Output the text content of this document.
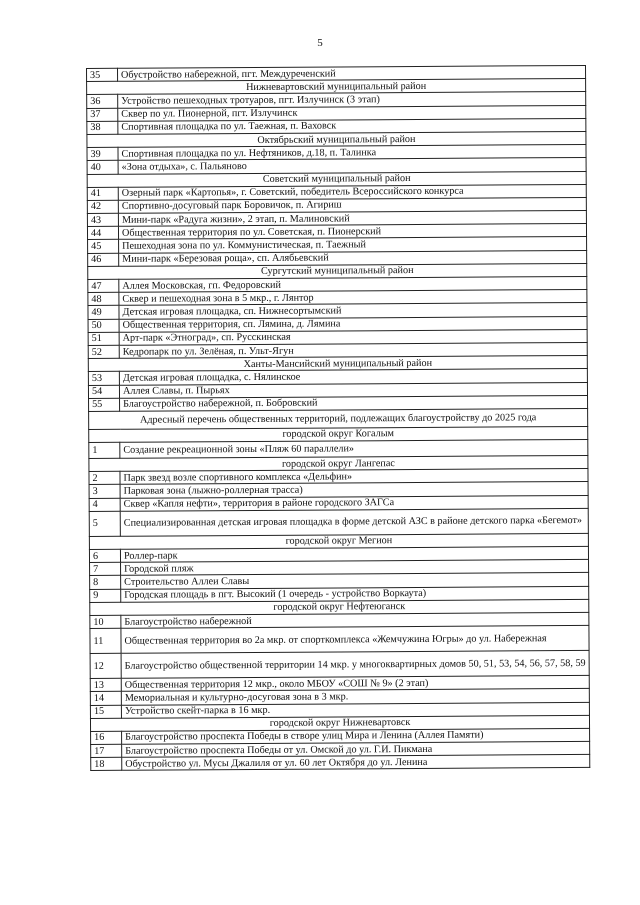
5
35	Обустройство набережной, пгт. Междуреченский
Нижневартовский муниципальный район	
36	Устройство пешеходных тротуаров, пгт. Излучинск (3 этап)
37	Сквер по ул. Пионерной, пгт. Излучинск
38	Спортивная площадка по ул. Таежная, п. Ваховск
Октябрьский муниципальный район	
39	Спортивная площадка по ул. Нефтяников, д.18, п. Талинка
40	«Зона отдыха», с. Пальяново
Советский муниципальный район	
41	Озерный парк «Картопья», г. Советский, победитель Всероссийского конкурса
42	Спортивно-досуговый парк Боровичок, п. Агириш
43	Мини-парк «Радуга жизни», 2 этап, п. Малиновский
44	Общественная территория по ул. Советская, п. Пионерский
45	Пешеходная зона по ул. Коммунистическая, п. Таежный
46	Мини-парк «Березовая роща», сп. Алябьевский
Сургутский муниципальный район	
47	Аллея Московская, гп. Федоровский
48	Сквер и пешеходная зона в 5 мкр., г. Лянтор
49	Детская игровая площадка, сп. Нижнесортымский
50	Общественная территория, сп. Лямина, д. Лямина
51	Арт-парк «Этноград», сп. Русскинская
52	Кедропарк по ул. Зелёная, п. Ульт-Ягун
Ханты-Мансийский муниципальный район	
53	Детская игровая площадка, с. Нялинское
54	Аллея Славы, п. Пырьях
55	Благоустройство набережной, п. Бобровский
Адресный перечень общественных территорий, подлежащих благоустройству до 2025 года	
городской округ Когалым	
1	Создание рекреационной зоны «Пляж 60 параллели»
городской округ Лангепас	
2	Парк звезд возле спортивного комплекса «Дельфин»
3	Парковая зона (лыжно-роллерная трасса)
4	Сквер «Капля нефти», территория в районе городского ЗАГСа
5	Специализированная детская игровая площадка в форме детской АЗС в районе детского парка «Бегемот»
городской округ Мегион	
6	Роллер-парк
7	Городской пляж
8	Строительство Аллеи Славы
9	Городская площадь в пгт. Высокий (1 очередь - устройство Воркаута)
городской округ Нефтеюганск	
10	Благоустройство набережной
11	Общественная территория во 2а мкр. от спорткомплекса «Жемчужина Югры» до ул. Набережная
12	Благоустройство общественной территории 14 мкр. у многоквартирных домов 50, 51, 53, 54, 56, 57, 58, 59
13	Общественная территория 12 мкр., около МБОУ «СОШ № 9» (2 этап)
14	Мемориальная и культурно-досуговая зона в 3 мкр.
15	Устройство скейт-парка в 16 мкр.
городской округ Нижневартовск	
16	Благоустройство проспекта Победы в створе улиц Мира и Ленина (Аллея Памяти)
17	Благоустройство проспекта Победы от ул. Омской до ул. Г.И. Пикмана
18	Обустройство ул. Мусы Джалиля от ул. 60 лет Октября до ул. Ленина
